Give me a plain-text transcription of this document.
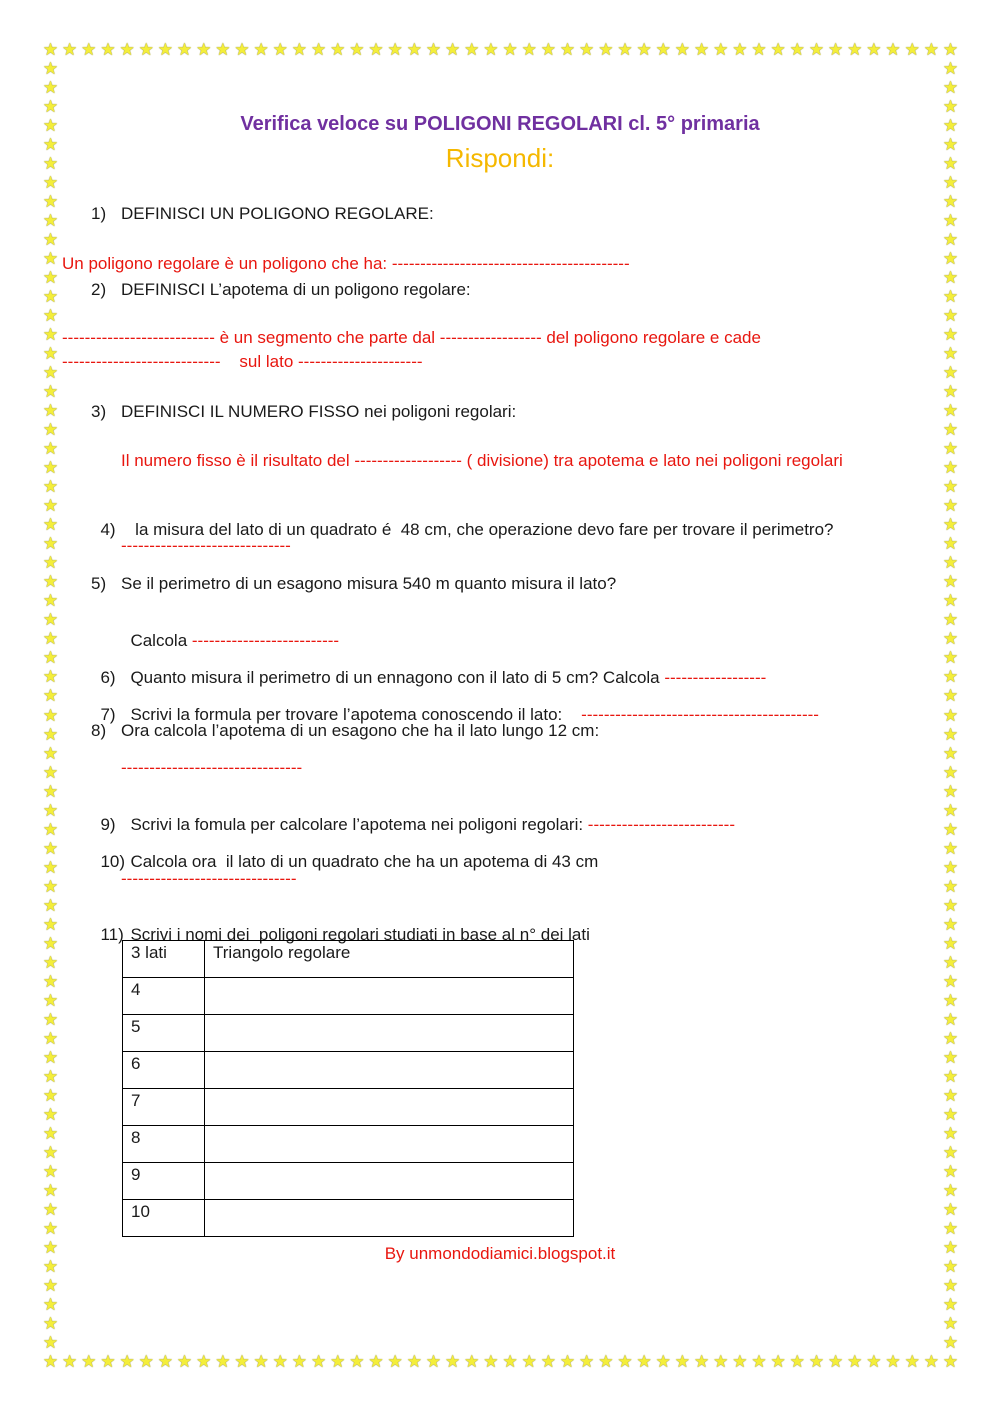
★
★
★
★
★
★
★
★
★
★
★
★
★
★
★
★
★
★
★
★
★
★
★
★
★
★
★
★
★
★
★
★
★
★
★
★
★
★
★
★
★
★
★
★
★
★
★
★
★
★
★
★
★
★
★
★
★
★
★
★
★
★
★
★
★
★
★
★
★
★
★
★
★
★
★
★
★
★
★
★
★
★
★
★
★
★
★
★
★
★
★
★
★
★
★
★
★	★
★	★
★	★
★	★
★	★
★	★
★	★
★	★
★	★
★	★
★	★
★	★
★	★
★	★
★	★
★	★
★	★
★	★
★	★
★	★
★	★
★	★
★	★
★	★
★	★
★	★
★	★
★	★
★	★
★	★
★	★
★	★
★	★
★	★
★	★
★	★
★	★
★	★
★	★
★	★
★	★
★	★
★	★
★	★
★	★
★	★
★	★
★	★
★	★
★	★
★	★
★	★
★	★
★	★
★	★
★	★
★	★
★	★
★	★
★	★
★	★
★	★
★	★
★	★
★	★
★	★
★	★
★	★
Verifica veloce su POLIGONI REGOLARI cl. 5° primaria
Rispondi:
1) DEFINISCI UN POLIGONO REGOLARE:
Un poligono regolare è un poligono che ha: ------------------------------------------
2) DEFINISCI L’apotema di un poligono regolare:
--------------------------- è un segmento che parte dal ------------------ del poligono regolare e cade
----------------------------    sul lato ----------------------
3) DEFINISCI IL NUMERO FISSO nei poligoni regolari:
Il numero fisso è il risultato del ------------------- ( divisione) tra apotema e lato nei poligoni regolari

4) la misura del lato di un quadrato é  48 cm, che operazione devo fare per trovare il perimetro?

------------------------------
5) Se il perimetro di un esagono misura 540 m quanto misura il lato?

Calcola --------------------------

6) Quanto misura il perimetro di un ennagono con il lato di 5 cm? Calcola ------------------

7) Scrivi la formula per trovare l’apotema conoscendo il lato:    ------------------------------------------

8) Ora calcola l’apotema di un esagono che ha il lato lungo 12 cm:
--------------------------------

9) Scrivi la fomula per calcolare l’apotema nei poligoni regolari: --------------------------

10) Calcola ora  il lato di un quadrato che ha un apotema di 43 cm

-------------------------------

11) Scrivi i nomi dei  poligoni regolari studiati in base al n° dei lati

3 lati	Triangolo regolare
4	
5	
6	
7	
8	
9	
10	
By unmondodiamici.blogspot.it
